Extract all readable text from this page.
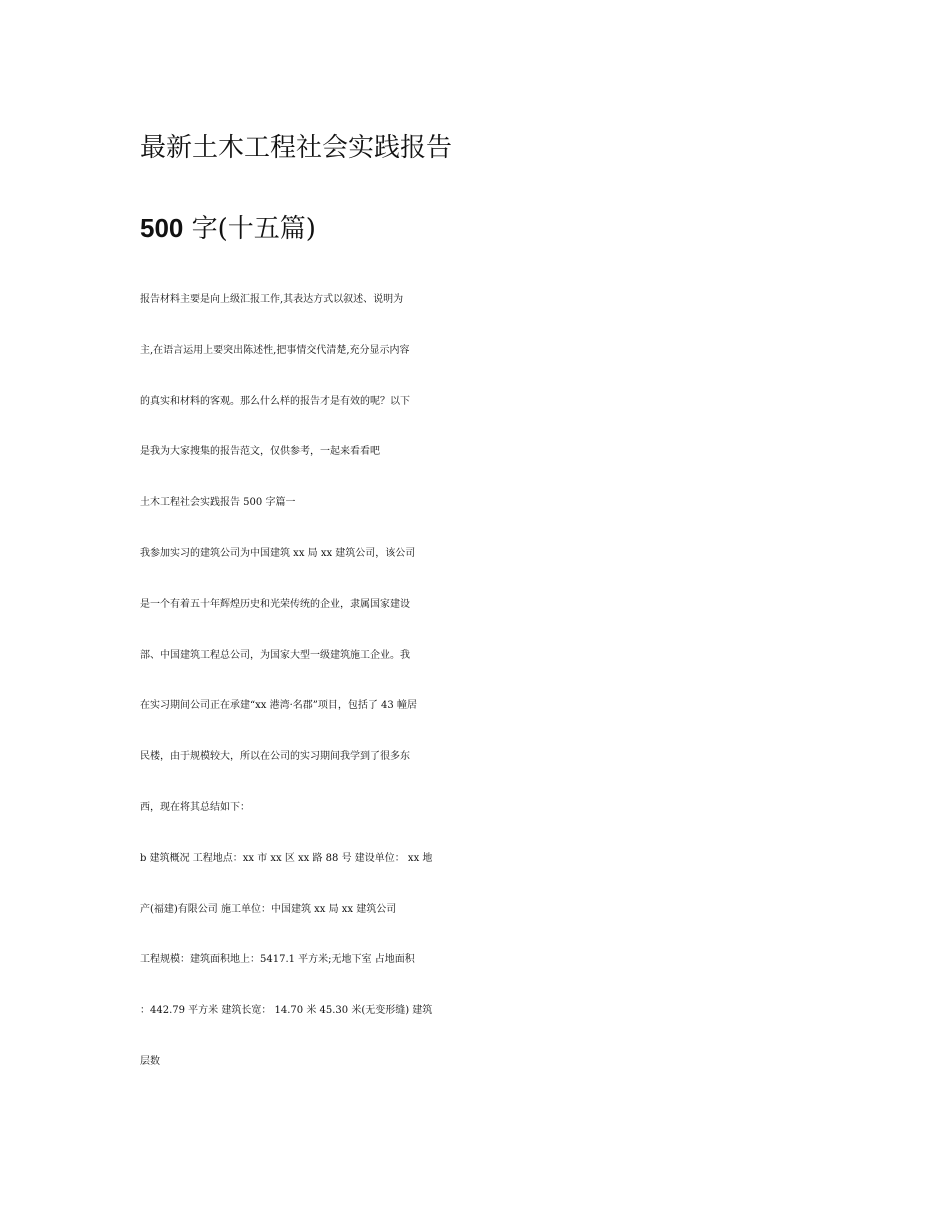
最新土木工程社会实践报告
500 字(十五篇)

报告材料主要是向上级汇报工作,其表达方式以叙述、说明为

主,在语言运用上要突出陈述性,把事情交代清楚,充分显示内容

的真实和材料的客观。那么什么样的报告才是有效的呢？以下

是我为大家搜集的报告范文，仅供参考，一起来看看吧

土木工程社会实践报告 500 字篇一

我参加实习的建筑公司为中国建筑 xx 局 xx 建筑公司，该公司

是一个有着五十年辉煌历史和光荣传统的企业，隶属国家建设

部、中国建筑工程总公司，为国家大型一级建筑施工企业。我

在实习期间公司正在承建“xx 港湾·名郡”项目，包括了 43 幢居

民楼，由于规模较大，所以在公司的实习期间我学到了很多东

西，现在将其总结如下：

b 建筑概况 工程地点：xx 市 xx 区 xx 路 88 号 建设单位： xx 地

产(福建)有限公司 施工单位：中国建筑 xx 局 xx 建筑公司

工程规模：建筑面积地上：5417.1 平方米;无地下室 占地面积

：442.79 平方米 建筑长宽： 14.70 米 45.30 米(无变形缝) 建筑

层数
